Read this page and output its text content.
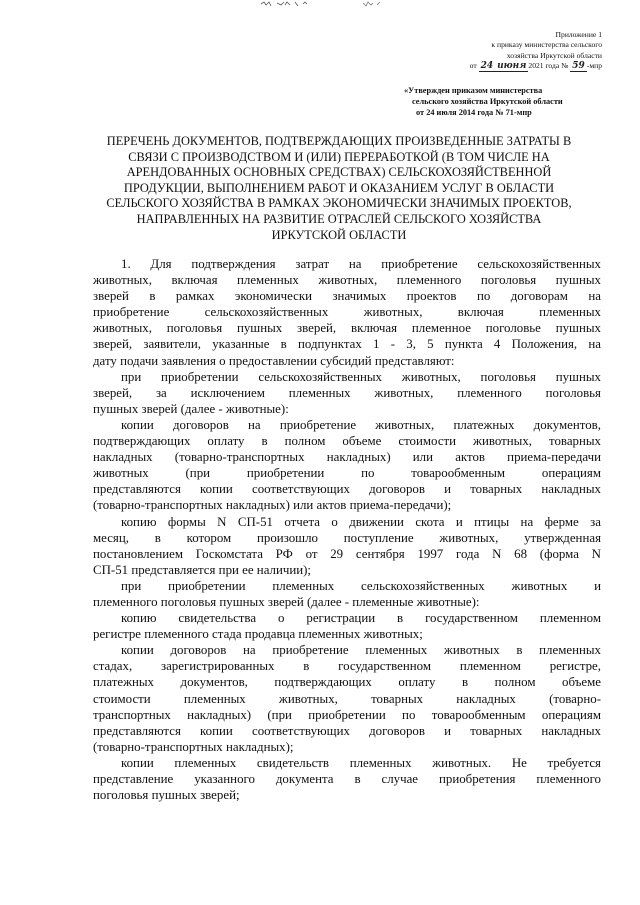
Приложение 1
к приказу министерства сельского
хозяйства Иркутской области
от 24 июня 2021 года № 59 -мпр
«Утвержден приказом министерства
сельского хозяйства Иркутской области
от 24 июля 2014 года № 71-мпр
ПЕРЕЧЕНЬ ДОКУМЕНТОВ, ПОДТВЕРЖДАЮЩИХ ПРОИЗВЕДЕННЫЕ ЗАТРАТЫ В
СВЯЗИ С ПРОИЗВОДСТВОМ И (ИЛИ) ПЕРЕРАБОТКОЙ (В ТОМ ЧИСЛЕ НА
АРЕНДОВАННЫХ ОСНОВНЫХ СРЕДСТВАХ) СЕЛЬСКОХОЗЯЙСТВЕННОЙ
ПРОДУКЦИИ, ВЫПОЛНЕНИЕМ РАБОТ И ОКАЗАНИЕМ УСЛУГ В ОБЛАСТИ
СЕЛЬСКОГО ХОЗЯЙСТВА В РАМКАХ ЭКОНОМИЧЕСКИ ЗНАЧИМЫХ ПРОЕКТОВ,
НАПРАВЛЕННЫХ НА РАЗВИТИЕ ОТРАСЛЕЙ СЕЛЬСКОГО ХОЗЯЙСТВА
ИРКУТСКОЙ ОБЛАСТИ
1. Для подтверждения затрат на приобретение сельскохозяйственных
животных, включая племенных животных, племенного поголовья пушных
зверей в рамках экономически значимых проектов по договорам на
приобретение сельскохозяйственных животных, включая племенных
животных, поголовья пушных зверей, включая племенное поголовье пушных
зверей, заявители, указанные в подпунктах 1 - 3, 5 пункта 4 Положения, на
дату подачи заявления о предоставлении субсидий представляют:
при приобретении сельскохозяйственных животных, поголовья пушных
зверей, за исключением племенных животных, племенного поголовья
пушных зверей (далее - животные):
копии договоров на приобретение животных, платежных документов,
подтверждающих оплату в полном объеме стоимости животных, товарных
накладных (товарно-транспортных накладных) или актов приема-передачи
животных (при приобретении по товарообменным операциям
представляются копии соответствующих договоров и товарных накладных
(товарно-транспортных накладных) или актов приема-передачи);
копию формы N СП-51 отчета о движении скота и птицы на ферме за
месяц, в котором произошло поступление животных, утвержденная
постановлением Госкомстата РФ от 29 сентября 1997 года N 68 (форма N
СП-51 представляется при ее наличии);
при приобретении племенных сельскохозяйственных животных и
племенного поголовья пушных зверей (далее - племенные животные):
копию свидетельства о регистрации в государственном племенном
регистре племенного стада продавца племенных животных;
копии договоров на приобретение племенных животных в племенных
стадах, зарегистрированных в государственном племенном регистре,
платежных документов, подтверждающих оплату в полном объеме
стоимости племенных животных, товарных накладных (товарно-
транспортных накладных) (при приобретении по товарообменным операциям
представляются копии соответствующих договоров и товарных накладных
(товарно-транспортных накладных);
копии племенных свидетельств племенных животных. Не требуется
представление указанного документа в случае приобретения племенного
поголовья пушных зверей;
